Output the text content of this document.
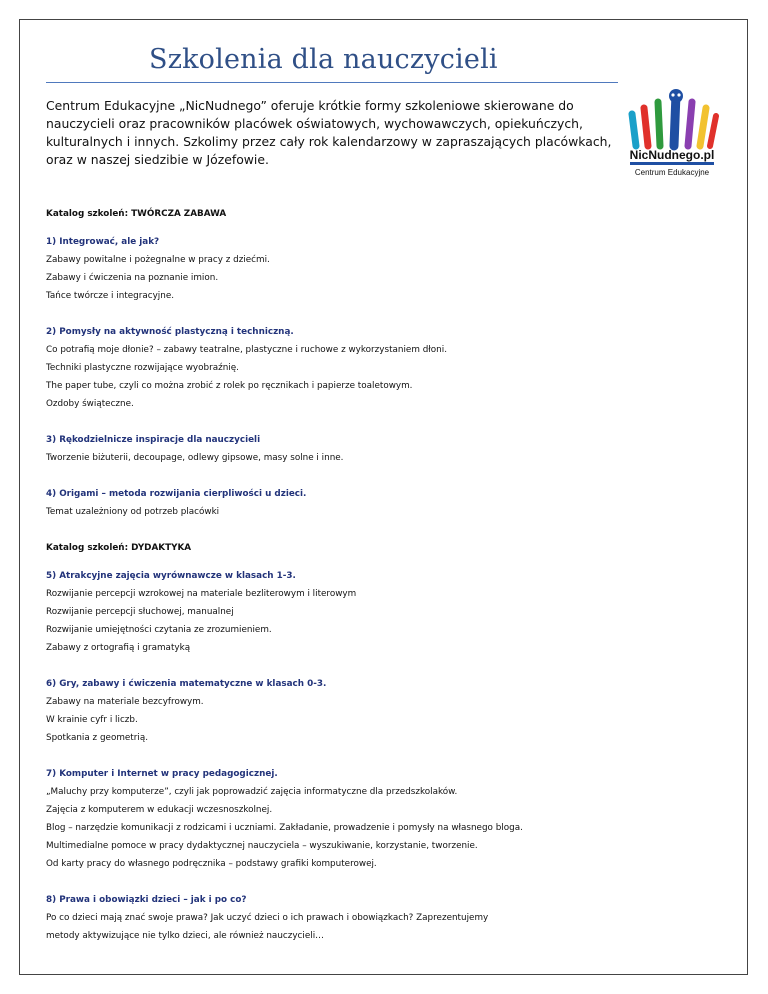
Szkolenia dla nauczycieli

Centrum Edukacyjne „NicNudnego” oferuje krótkie formy szkoleniowe skierowane do
nauczycieli oraz pracowników placówek oświatowych, wychowawczych, opiekuńczych,
kulturalnych i innych. Szkolimy przez cały rok kalendarzowy w zapraszających placówkach,
oraz w naszej siedzibie w Józefowie.	NicNudnego.pl
Centrum Edukacyjne
Katalog szkoleń: TWÓRCZA ZABAWA
1) Integrować, ale jak?
Zabawy powitalne i pożegnalne w pracy z dziećmi.
Zabawy i ćwiczenia na poznanie imion.
Tańce twórcze i integracyjne.
2) Pomysły na aktywność plastyczną i techniczną.
Co potrafią moje dłonie? – zabawy teatralne, plastyczne i ruchowe z wykorzystaniem dłoni.
Techniki plastyczne rozwijające wyobraźnię.
The paper tube, czyli co można zrobić z rolek po ręcznikach i papierze toaletowym.
Ozdoby świąteczne.
3) Rękodzielnicze inspiracje dla nauczycieli
Tworzenie biżuterii, decoupage, odlewy gipsowe, masy solne i inne.
4) Origami – metoda rozwijania cierpliwości u dzieci.
Temat uzależniony od potrzeb placówki
Katalog szkoleń: DYDAKTYKA
5) Atrakcyjne zajęcia wyrównawcze w klasach 1-3.
Rozwijanie percepcji wzrokowej na materiale bezliterowym i literowym
Rozwijanie percepcji słuchowej, manualnej
Rozwijanie umiejętności czytania ze zrozumieniem.
Zabawy z ortografią i gramatyką
6) Gry, zabawy i ćwiczenia matematyczne w klasach 0-3.
Zabawy na materiale bezcyfrowym.
W krainie cyfr i liczb.
Spotkania z geometrią.
7) Komputer i Internet w pracy pedagogicznej.
„Maluchy przy komputerze”, czyli jak poprowadzić zajęcia informatyczne dla przedszkolaków.
Zajęcia z komputerem w edukacji wczesnoszkolnej.
Blog – narzędzie komunikacji z rodzicami i uczniami. Zakładanie, prowadzenie i pomysły na własnego bloga.
Multimedialne pomoce w pracy dydaktycznej nauczyciela – wyszukiwanie, korzystanie, tworzenie.
Od karty pracy do własnego podręcznika – podstawy grafiki komputerowej.
8) Prawa i obowiązki dzieci – jak i po co?
Po co dzieci mają znać swoje prawa? Jak uczyć dzieci o ich prawach i obowiązkach? Zaprezentujemy
metody aktywizujące nie tylko dzieci, ale również nauczycieli…
